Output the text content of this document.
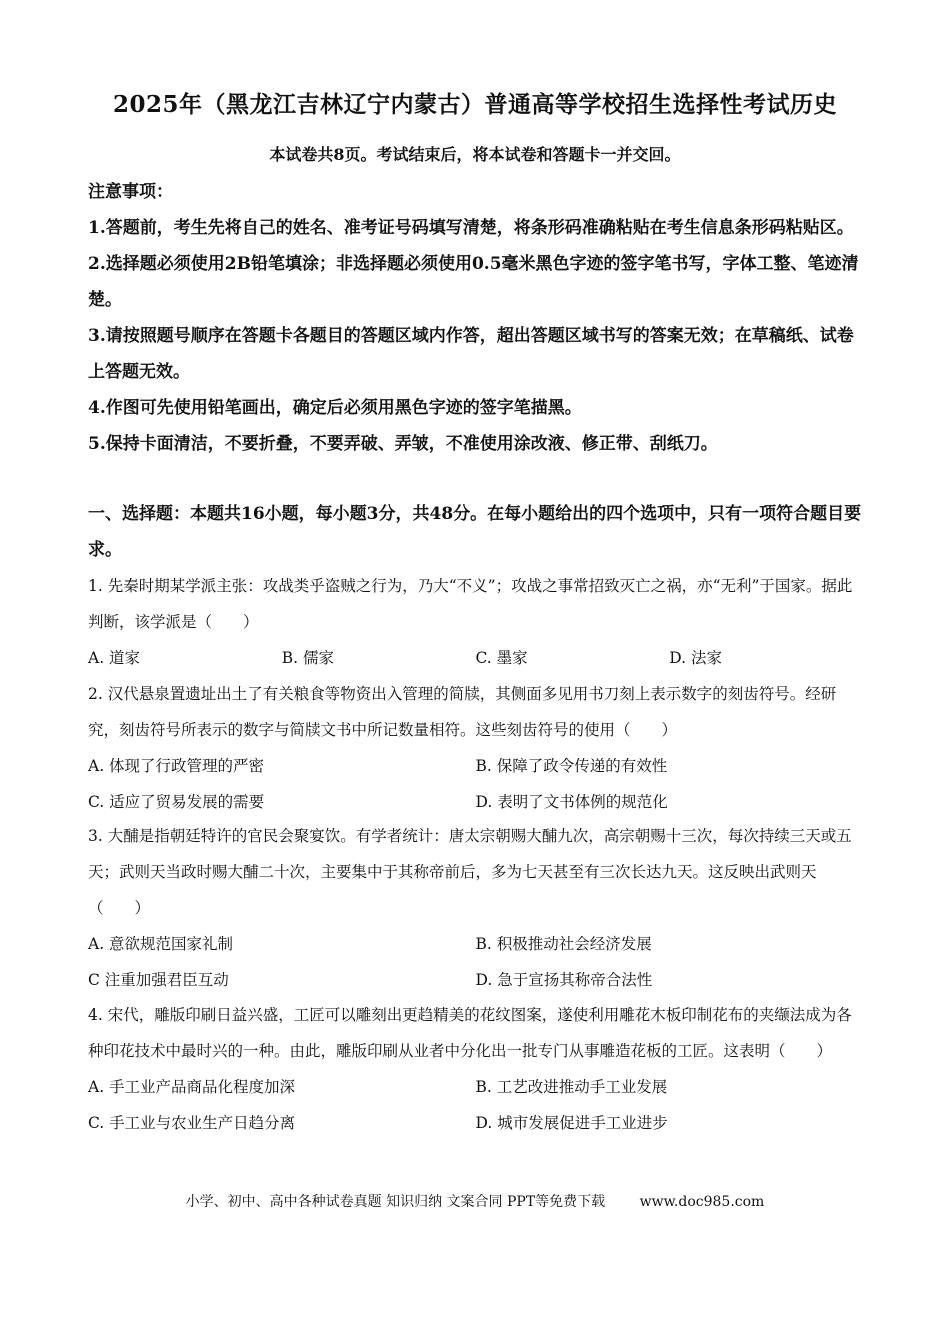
2025年（黑龙江吉林辽宁内蒙古）普通高等学校招生选择性考试历史
本试卷共8页。考试结束后，将本试卷和答题卡一并交回。

注意事项：

1.答题前，考生先将自己的姓名、准考证号码填写清楚，将条形码准确粘贴在考生信息条形码粘贴区。

2.选择题必须使用2B铅笔填涂；非选择题必须使用0.5毫米黑色字迹的签字笔书写，字体工整、笔迹清楚。

3.请按照题号顺序在答题卡各题目的答题区域内作答，超出答题区域书写的答案无效；在草稿纸、试卷上答题无效。

4.作图可先使用铅笔画出，确定后必须用黑色字迹的签字笔描黑。

5.保持卡面清洁，不要折叠，不要弄破、弄皱，不准使用涂改液、修正带、刮纸刀。

一、选择题：本题共16小题，每小题3分，共48分。在每小题给出的四个选项中，只有一项符合题目要求。

1. 先秦时期某学派主张：攻战类乎盗贼之行为，乃大“不义”；攻战之事常招致灭亡之祸，亦“无利”于国家。据此判断，该学派是（　　）

A. 道家	B. 儒家	C. 墨家	D. 法家

2. 汉代悬泉置遗址出土了有关粮食等物资出入管理的简牍，其侧面多见用书刀刻上表示数字的刻齿符号。经研究，刻齿符号所表示的数字与简牍文书中所记数量相符。这些刻齿符号的使用（　　）

A. 体现了行政管理的严密	B. 保障了政令传递的有效性
C. 适应了贸易发展的需要	D. 表明了文书体例的规范化

3. 大酺是指朝廷特许的官民会聚宴饮。有学者统计：唐太宗朝赐大酺九次，高宗朝赐十三次，每次持续三天或五天；武则天当政时赐大酺二十次，主要集中于其称帝前后，多为七天甚至有三次长达九天。这反映出武则天（　　）

A. 意欲规范国家礼制	B. 积极推动社会经济发展
C 注重加强君臣互动	D. 急于宣扬其称帝合法性

4. 宋代，雕版印刷日益兴盛，工匠可以雕刻出更趋精美的花纹图案，遂使利用雕花木板印制花布的夹缬法成为各种印花技术中最时兴的一种。由此，雕版印刷从业者中分化出一批专门从事雕造花板的工匠。这表明（　　）

A. 手工业产品商品化程度加深	B. 工艺改进推动手工业发展
C. 手工业与农业生产日趋分离	D. 城市发展促进手工业进步
小学、初中、高中各种试卷真题 知识归纳 文案合同 PPT等免费下载 www.doc985.com
